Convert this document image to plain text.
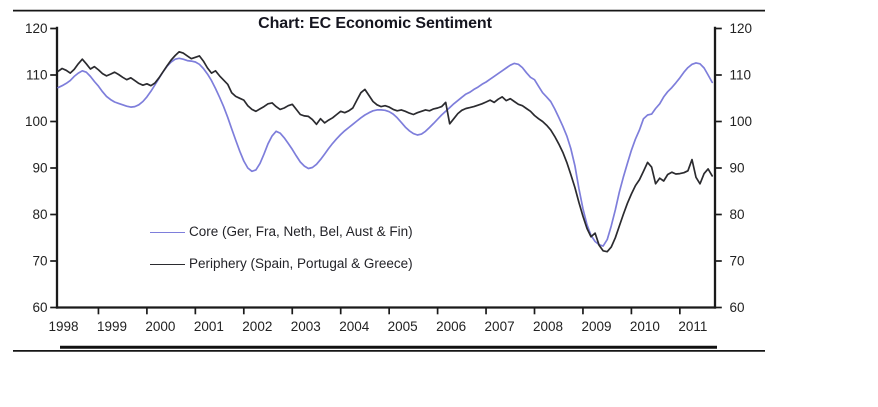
60	60
70	70
80	80
90	90
100	100
110	110
120	120
1998 1999 2000 2001 2002 2003 2004 2005 2006 2007 2008 2009 2010 2011
Chart: EC Economic Sentiment
Core (Ger, Fra, Neth, Bel, Aust & Fin)
Periphery (Spain, Portugal & Greece)
